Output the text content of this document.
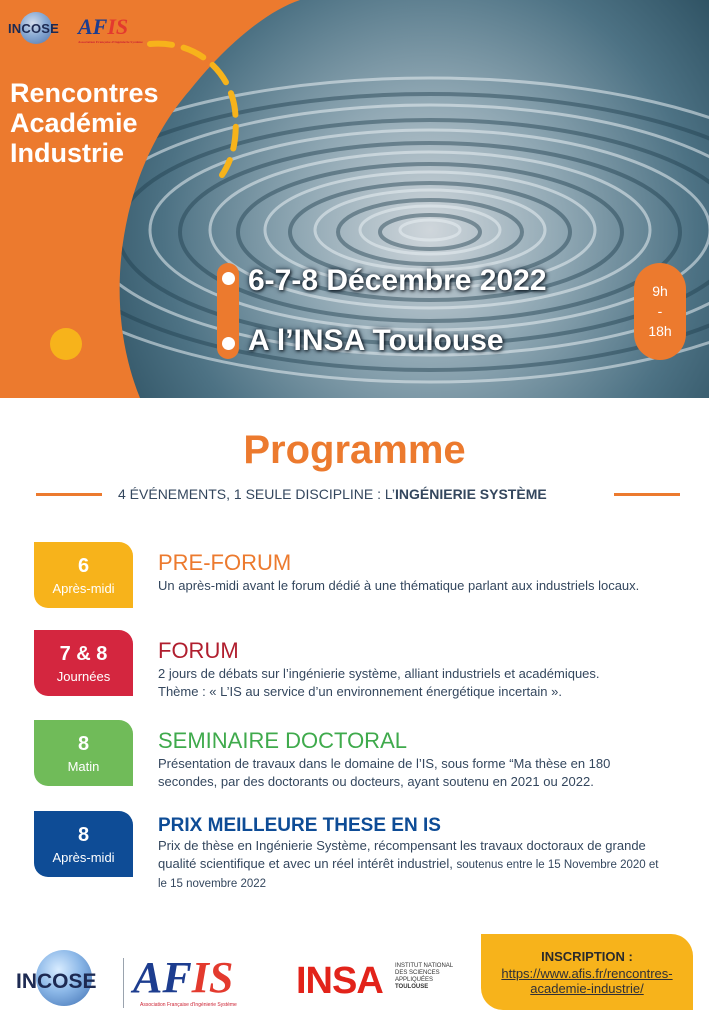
INCOSE AFIS
Association Française d'Ingénierie Système
Rencontres
Académie
Industrie
6-7-8 Décembre 2022
A l’INSA Toulouse
9h
-
18h
Programme
4 ÉVÉNEMENTS, 1 SEULE DISCIPLINE : L’INGÉNIERIE SYSTÈME
6
Après-midi
PRE-FORUM
Un après-midi avant le forum dédié à une thématique parlant aux industriels locaux.
7 & 8
Journées
FORUM
2 jours de débats sur l’ingénierie système, alliant industriels et académiques.
Thème : « L’IS au service d’un environnement énergétique incertain ».
8
Matin
SEMINAIRE DOCTORAL
Présentation de travaux dans le domaine de l’IS, sous forme “Ma thèse en 180 secondes, par des doctorants ou docteurs, ayant soutenu en 2021 ou 2022.
8
Après-midi
PRIX MEILLEURE THESE EN IS
Prix de thèse en Ingénierie Système, récompensant les travaux doctoraux de grande qualité scientifique et avec un réel intérêt industriel, soutenus entre le 15 Novembre 2020 et le 15 novembre 2022
INCOSE AFIS
Association Française d'Ingénierie Système
INSA INSTITUT NATIONAL
DES SCIENCES
APPLIQUÉES
TOULOUSE
INSCRIPTION :
https://www.afis.fr/rencontres-
academie-industrie/
